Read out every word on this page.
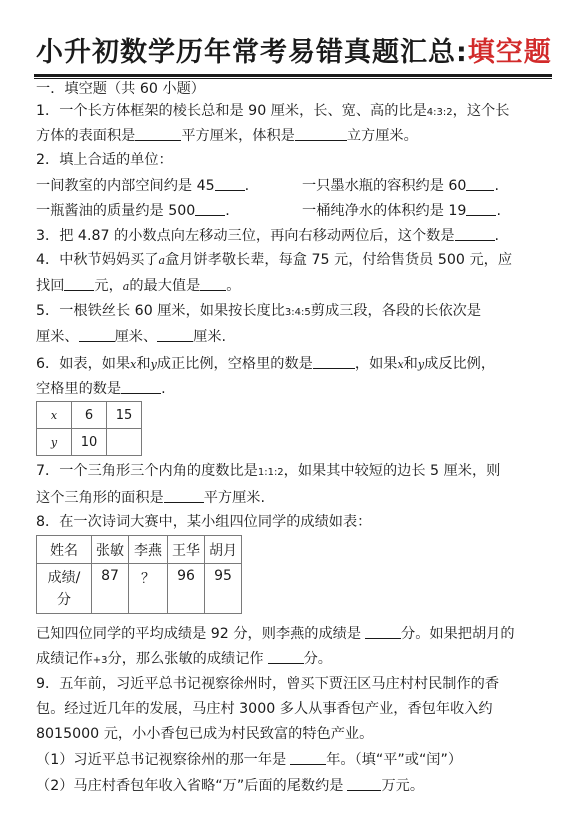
小升初数学历年常考易错真题汇总:填空题
一．填空题（共 60 小题）
1．一个长方体框架的棱长总和是 90 厘米，长、宽、高的比是4:3:2，这个长
方体的表面积是	平方厘米，体积是	立方厘米。
2．填上合适的单位：
一间教室的内部空间约是 45 .	一只墨水瓶的容积约是 60 .
一瓶酱油的质量约是 500 .	一桶纯净水的体积约是 19 .
3．把 4.87 的小数点向左移动三位，再向右移动两位后，这个数是	.
4．中秋节妈妈买了a盒月饼孝敬长辈，每盒 75 元，付给售货员 500 元，应
找回 元，a的最大值是 。
5．一根铁丝长 60 厘米，如果按长度比3:4:5剪成三段，各段的长依次是
厘米、	厘米、	厘米.
6．如表，如果x和y成正比例，空格里的数是	，如果x和y成反比例，
空格里的数是	.
x	6	15
y	10	
7．一个三角形三个内角的度数比是1:1:2，如果其中较短的边长 5 厘米，则
这个三角形的面积是	平方厘米.
8．在一次诗词大赛中，某小组四位同学的成绩如表：
姓名	张敏	李燕	王华	胡月
成绩/
分	87	？	96	95
已知四位同学的平均成绩是 92 分，则李燕的成绩是	分。如果把胡月的
成绩记作+3分，那么张敏的成绩记作	分。
9．五年前，习近平总书记视察徐州时，曾买下贾汪区马庄村村民制作的香
包。经过近几年的发展，马庄村 3000 多人从事香包产业，香包年收入约
8015000 元，小小香包已成为村民致富的特色产业。
（1）习近平总书记视察徐州的那一年是	年。（填“平”或“闰”）
（2）马庄村香包年收入省略“万”后面的尾数约是	万元。
